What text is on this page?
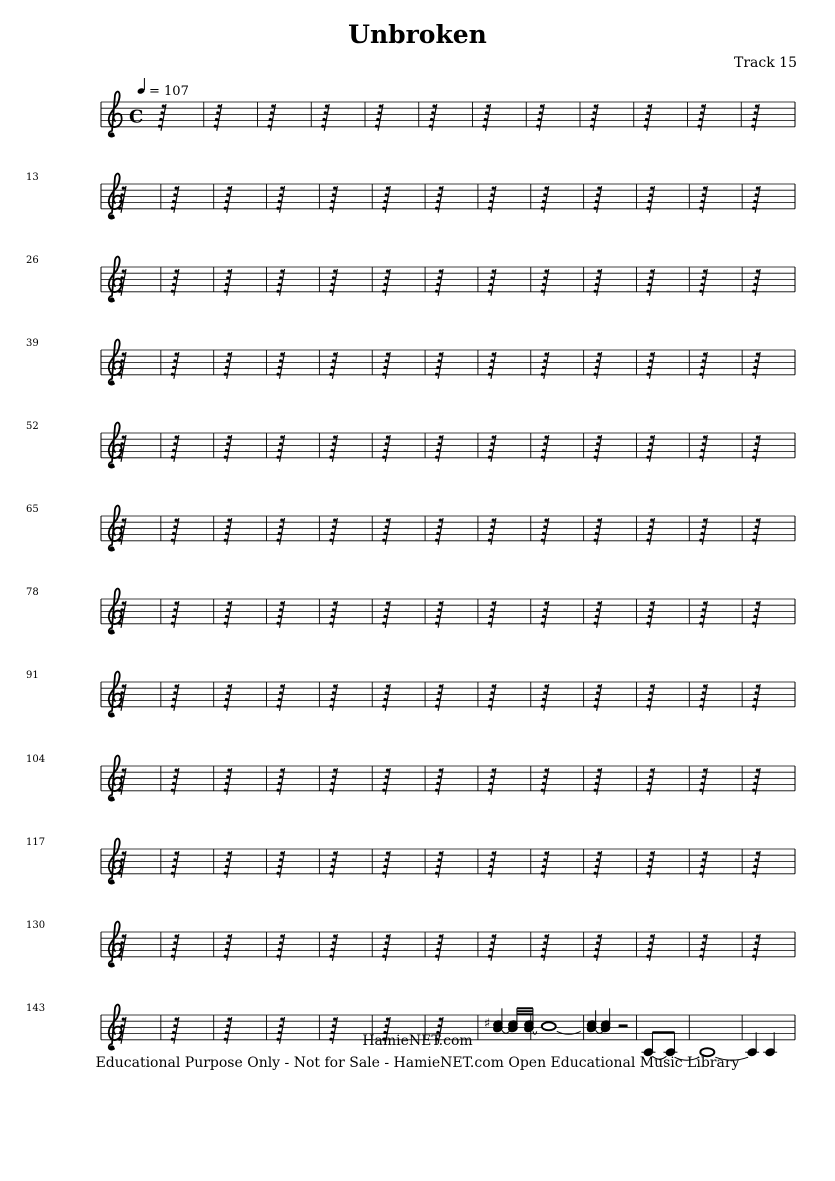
Unbroken
Track 15
C
= 107
13
26
39
52
65
78
91
104
117
130
143
♯
HamieNET.com
Educational Purpose Only - Not for Sale - HamieNET.com Open Educational Music Library
